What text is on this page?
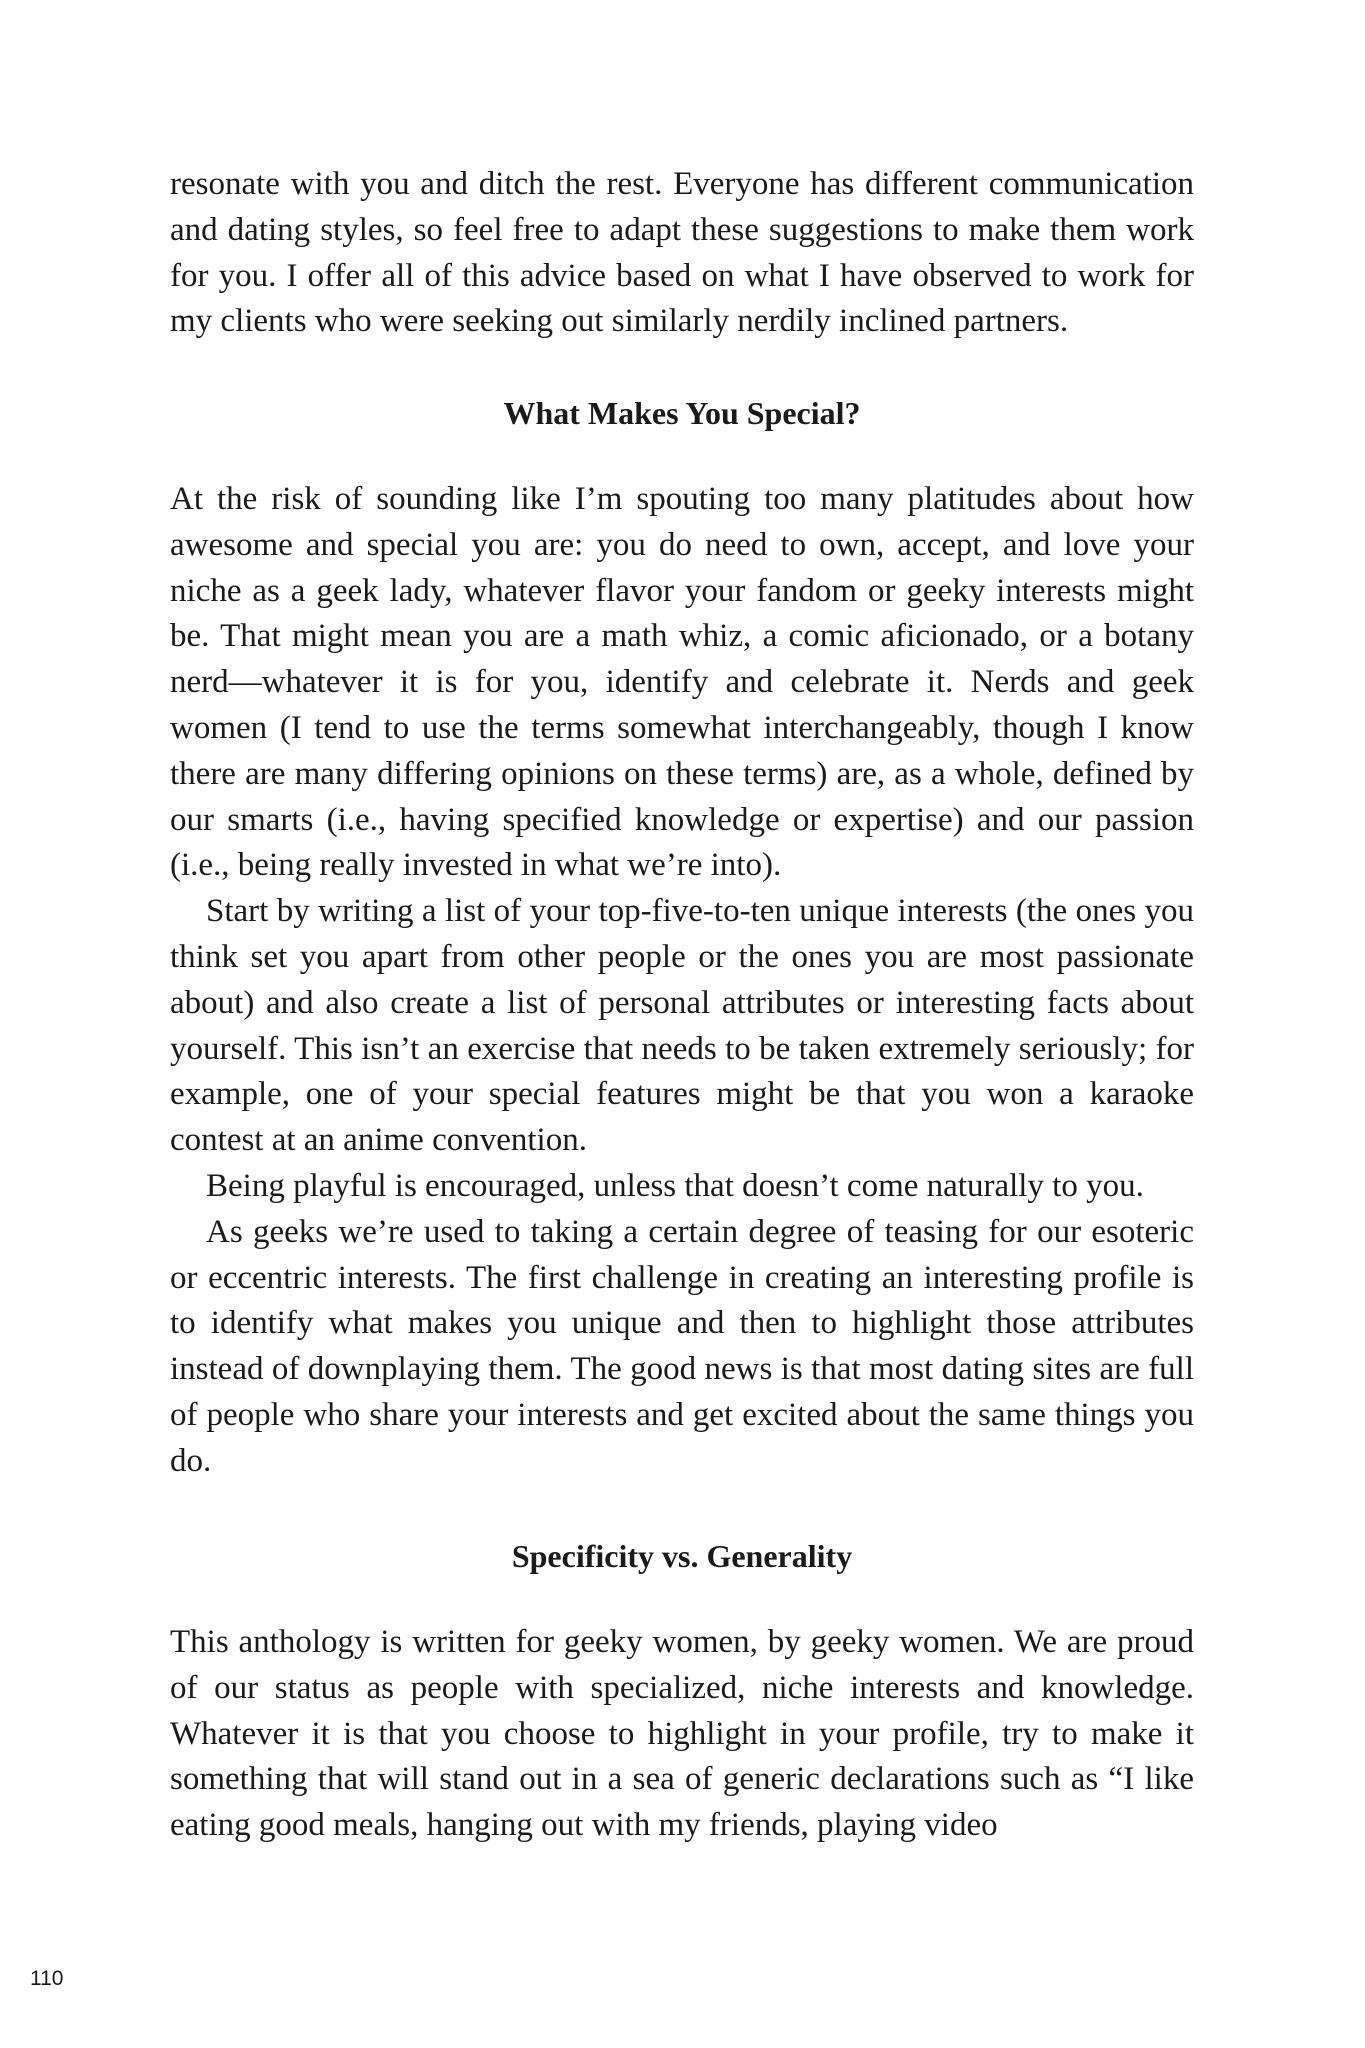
resonate with you and ditch the rest. Everyone has different communication and dating styles, so feel free to adapt these suggestions to make them work for you. I offer all of this advice based on what I have observed to work for my clients who were seeking out similarly nerdily inclined partners.

What Makes You Special?

At the risk of sounding like I’m spouting too many platitudes about how awesome and special you are: you do need to own, accept, and love your niche as a geek lady, whatever flavor your fandom or geeky interests might be. That might mean you are a math whiz, a comic aficionado, or a botany nerd—whatever it is for you, identify and celebrate it. Nerds and geek women (I tend to use the terms somewhat interchangeably, though I know there are many differing opinions on these terms) are, as a whole, defined by our smarts (i.e., having specified knowledge or expertise) and our passion (i.e., being really invested in what we’re into).

Start by writing a list of your top-five-to-ten unique interests (the ones you think set you apart from other people or the ones you are most passionate about) and also create a list of personal attributes or interesting facts about yourself. This isn’t an exercise that needs to be taken extremely seriously; for example, one of your special features might be that you won a karaoke contest at an anime convention.

Being playful is encouraged, unless that doesn’t come naturally to you.

As geeks we’re used to taking a certain degree of teasing for our esoteric or eccentric interests. The first challenge in creating an interesting profile is to identify what makes you unique and then to highlight those attributes instead of downplaying them. The good news is that most dating sites are full of people who share your interests and get excited about the same things you do.

Specificity vs. Generality

This anthology is written for geeky women, by geeky women. We are proud of our status as people with specialized, niche interests and knowledge. Whatever it is that you choose to highlight in your profile, try to make it something that will stand out in a sea of generic declarations such as “I like eating good meals, hanging out with my friends, playing video

110
